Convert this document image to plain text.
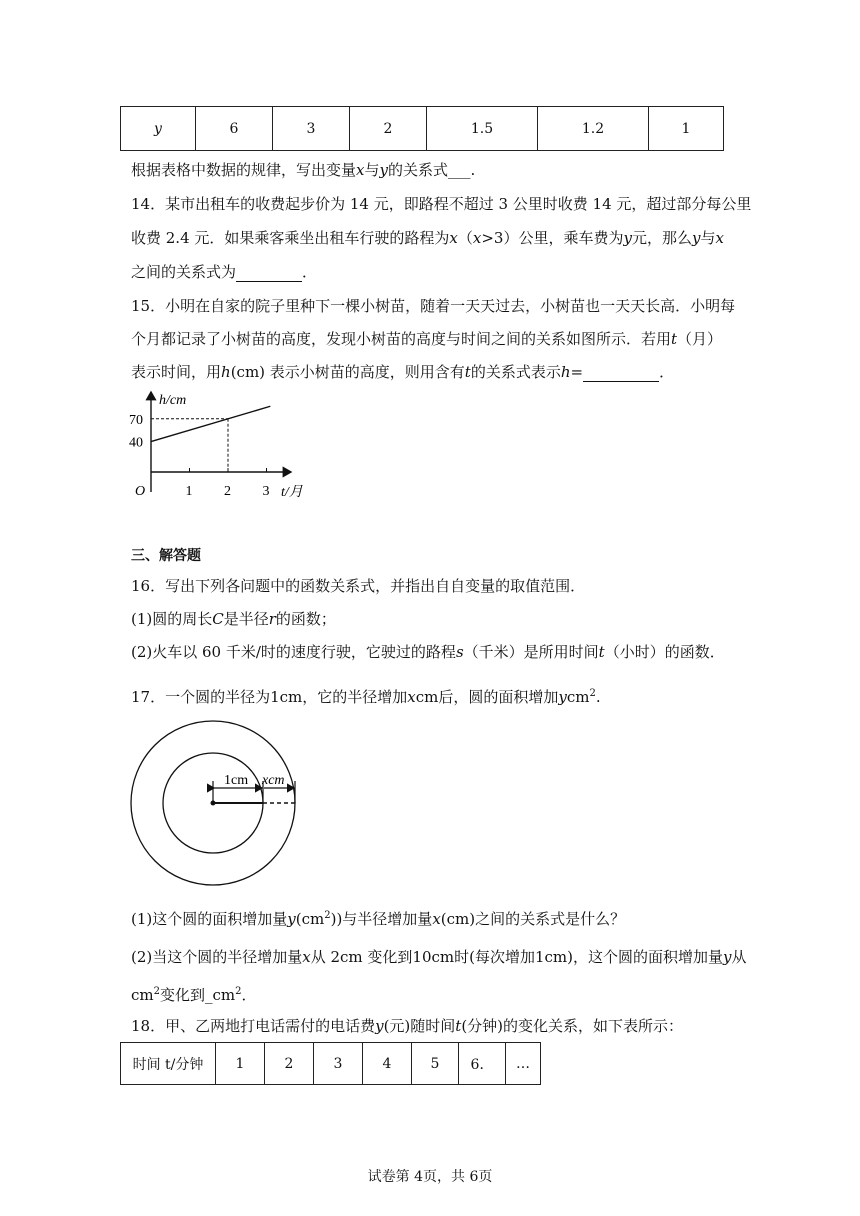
y	6	3	2	1.5	1.2	1
根据表格中数据的规律，写出变量x与y的关系式___.
14．某市出租车的收费起步价为 14 元，即路程不超过 3 公里时收费 14 元，超过部分每公里
收费 2.4 元．如果乘客乘坐出租车行驶的路程为x（x>3）公里，乘车费为y元，那么y与x
之间的关系式为	．
15．小明在自家的院子里种下一棵小树苗，随着一天天过去，小树苗也一天天长高．小明每
个月都记录了小树苗的高度，发现小树苗的高度与时间之间的关系如图所示．若用t（月）
表示时间，用h(cm) 表示小树苗的高度，则用含有t的关系式表示h=	．
1 2 3
40
70
h/cm
t/月
O
三、解答题
16．写出下列各问题中的函数关系式，并指出自自变量的取值范围．
(1)圆的周长C是半径r的函数；
(2)火车以 60 千米/时的速度行驶，它驶过的路程s（千米）是所用时间t（小时）的函数．
17．一个圆的半径为1cm，它的半径增加xcm后，圆的面积增加ycm$^2$.
1cm xcm
(1)这个圆的面积增加量$y(cm^2)$)与半径增加量x(cm)之间的关系式是什么？
(2)当这个圆的半径增加量x从 2cm 变化到10cm时(每次增加1cm)，这个圆的面积增加量y从
$cm^2$变化到$\_cm^2$．
18．甲、乙两地打电话需付的电话费y(元)随时间t(分钟)的变化关系，如下表所示：
时间 t/分钟	1	2	3	4	5	6．	…
试卷第 4页，共 6页
